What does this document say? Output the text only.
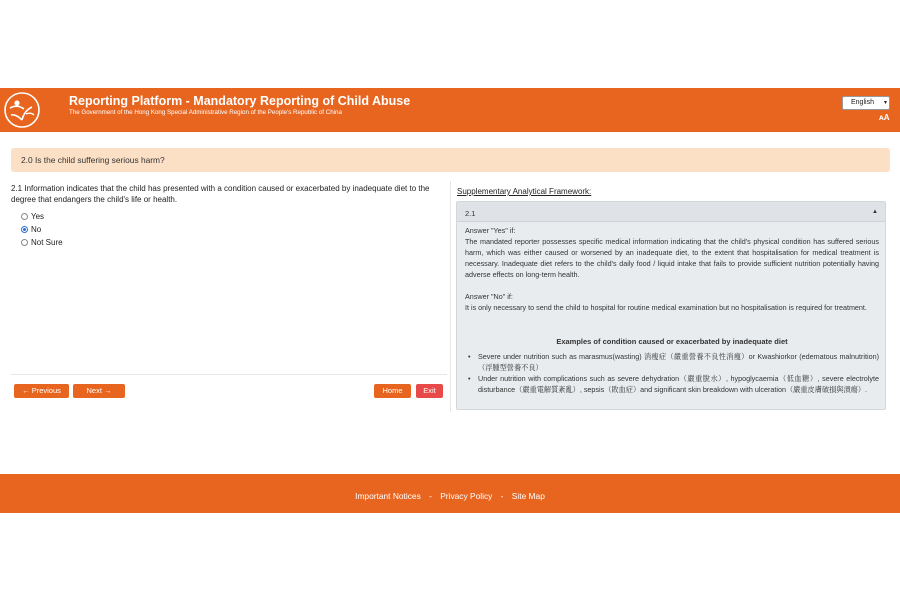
Reporting Platform - Mandatory Reporting of Child Abuse
The Government of the Hong Kong Special Administrative Region of the People's Republic of China
English ▾
ᴀA
2.0 Is the child suffering serious harm?
2.1 Information indicates that the child has presented with a condition caused or exacerbated by inadequate diet to the degree that endangers the child's life or health.
Yes
No
Not Sure
← Previous	Next →	Home	Exit
Supplementary Analytical Framework:
2.1	▲
Answer "Yes" if:
The mandated reporter possesses specific medical information indicating that the child's physical condition has suffered serious harm, which was either caused or worsened by an inadequate diet, to the extent that hospitalisation for medical treatment is necessary. Inadequate diet refers to the child's daily food / liquid intake that fails to provide sufficient nutrition potentially having adverse effects on long-term health.
Answer "No" if:
It is only necessary to send the child to hospital for routine medical examination but no hospitalisation is required for treatment.
Examples of condition caused or exacerbated by inadequate diet
• Severe under nutrition such as marasmus(wasting) 消瘦症（嚴重營養不良性消瘦）or Kwashiorkor (edematous malnutrition)（浮腫型營養不良）
• Under nutrition with complications such as severe dehydration（嚴重脫水）, hypoglycaemia（低血糖）, severe electrolyte disturbance（嚴重電解質紊亂）, sepsis（敗血症）and significant skin breakdown with ulceration（嚴重皮膚破損與潰瘍）.
Important Notices - Privacy Policy - Site Map
